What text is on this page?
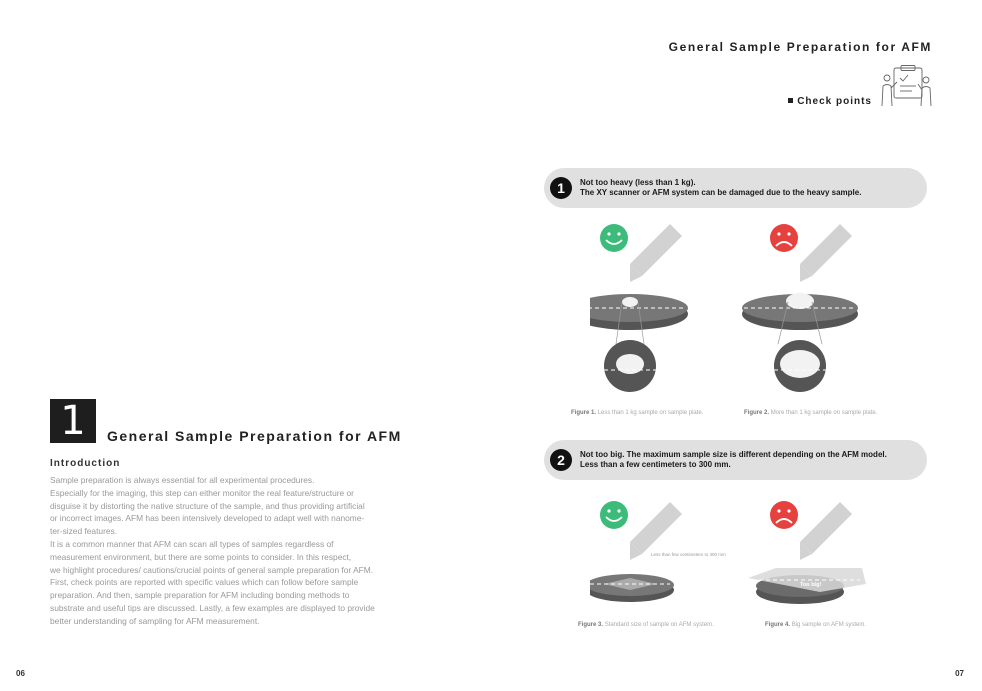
General Sample Preparation for AFM
Check points
1	Not too heavy (less than 1 kg).
The XY scanner or AFM system can be damaged due to the heavy sample.
Figure 1. Less than 1 kg sample on sample plate.	Figure 2. More than 1 kg sample on sample plate.
2	Not too big. The maximum sample size is different depending on the AFM model.
Less than a few centimeters to 300 mm.
Less than few centimeters to 300 mm
Too big!
Figure 3. Standard size of sample on AFM system.	Figure 4. Big sample on AFM system.
1	General Sample Preparation for AFM
Introduction

Sample preparation is always essential for all experimental procedures.

Especially for the imaging, this step can either monitor the real feature/structure or

disguise it by distorting the native structure of the sample, and thus providing artificial

or incorrect images. AFM has been intensively developed to adapt well with nanome-

ter-sized features.

It is a common manner that AFM can scan all types of samples regardless of

measurement environment, but there are some points to consider. In this respect,

we highlight procedures/ cautions/crucial points of general sample preparation for AFM.

First, check points are reported with specific values which can follow before sample

preparation. And then, sample preparation for AFM including bonding methods to

substrate and useful tips are discussed. Lastly, a few examples are displayed to provide

better understanding of sampling for AFM measurement.

06	07
